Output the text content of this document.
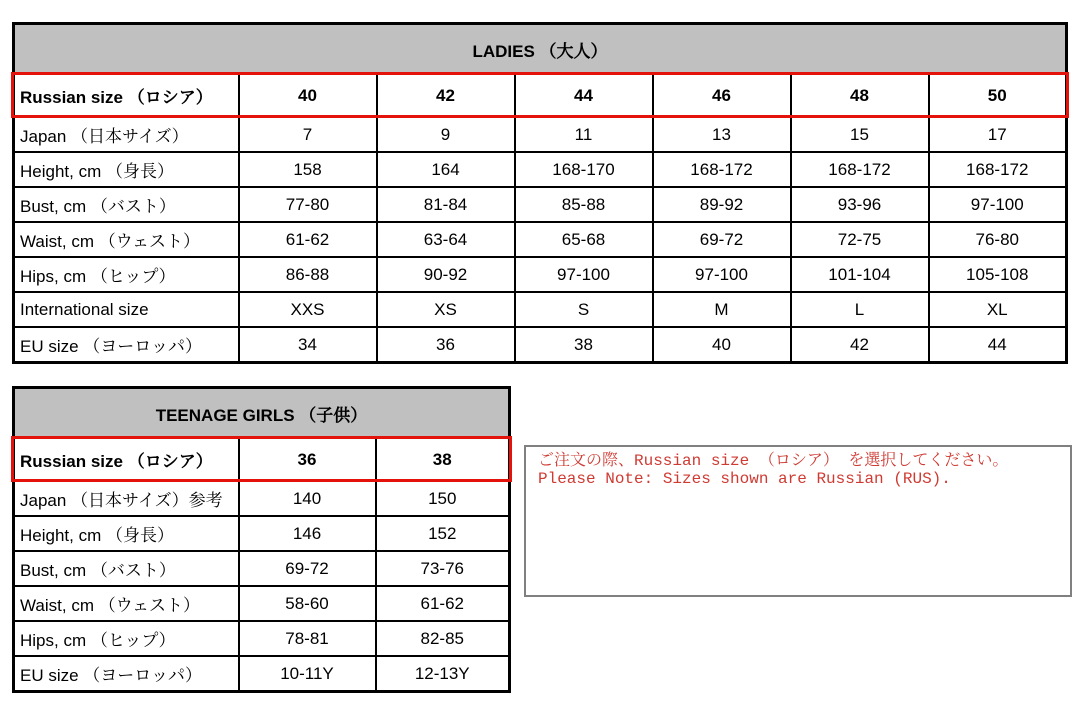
LADIES （大人）						
Russian size （ロシア）	40	42	44	46	48	50
Japan （日本サイズ）	7	9	11	13	15	17
Height, cm （身長）	158	164	168-170	168-172	168-172	168-172
Bust, cm （バスト）	77-80	81-84	85-88	89-92	93-96	97-100
Waist, cm （ウェスト）	61-62	63-64	65-68	69-72	72-75	76-80
Hips, cm （ヒップ）	86-88	90-92	97-100	97-100	101-104	105-108
International size	XXS	XS	S	M	L	XL
EU size （ヨーロッパ）	34	36	38	40	42	44
TEENAGE GIRLS （子供）		
Russian size （ロシア）	36	38
Japan （日本サイズ）参考	140	150
Height, cm （身長）	146	152
Bust, cm （バスト）	69-72	73-76
Waist, cm （ウェスト）	58-60	61-62
Hips, cm （ヒップ）	78-81	82-85
EU size （ヨーロッパ）	10-11Y	12-13Y

ご注文の際、Russian size （ロシア） を選択してください。

Please Note: Sizes shown are Russian (RUS).
